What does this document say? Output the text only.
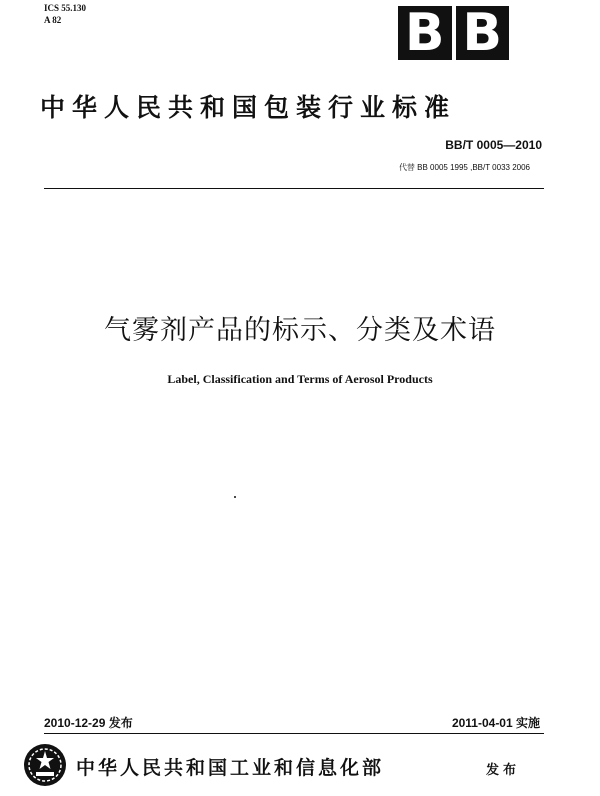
ICS 55.130
A 82	B B
中华人民共和国包装行业标准
BB/T 0005—2010
代替 BB 0005 1995 ,BB/T 0033 2006
气雾剂产品的标示、分类及术语
Label, Classification and Terms of Aerosol Products
2010-12-29 发布	2011-04-01 实施
中华人民共和国工业和信息化部	发布
